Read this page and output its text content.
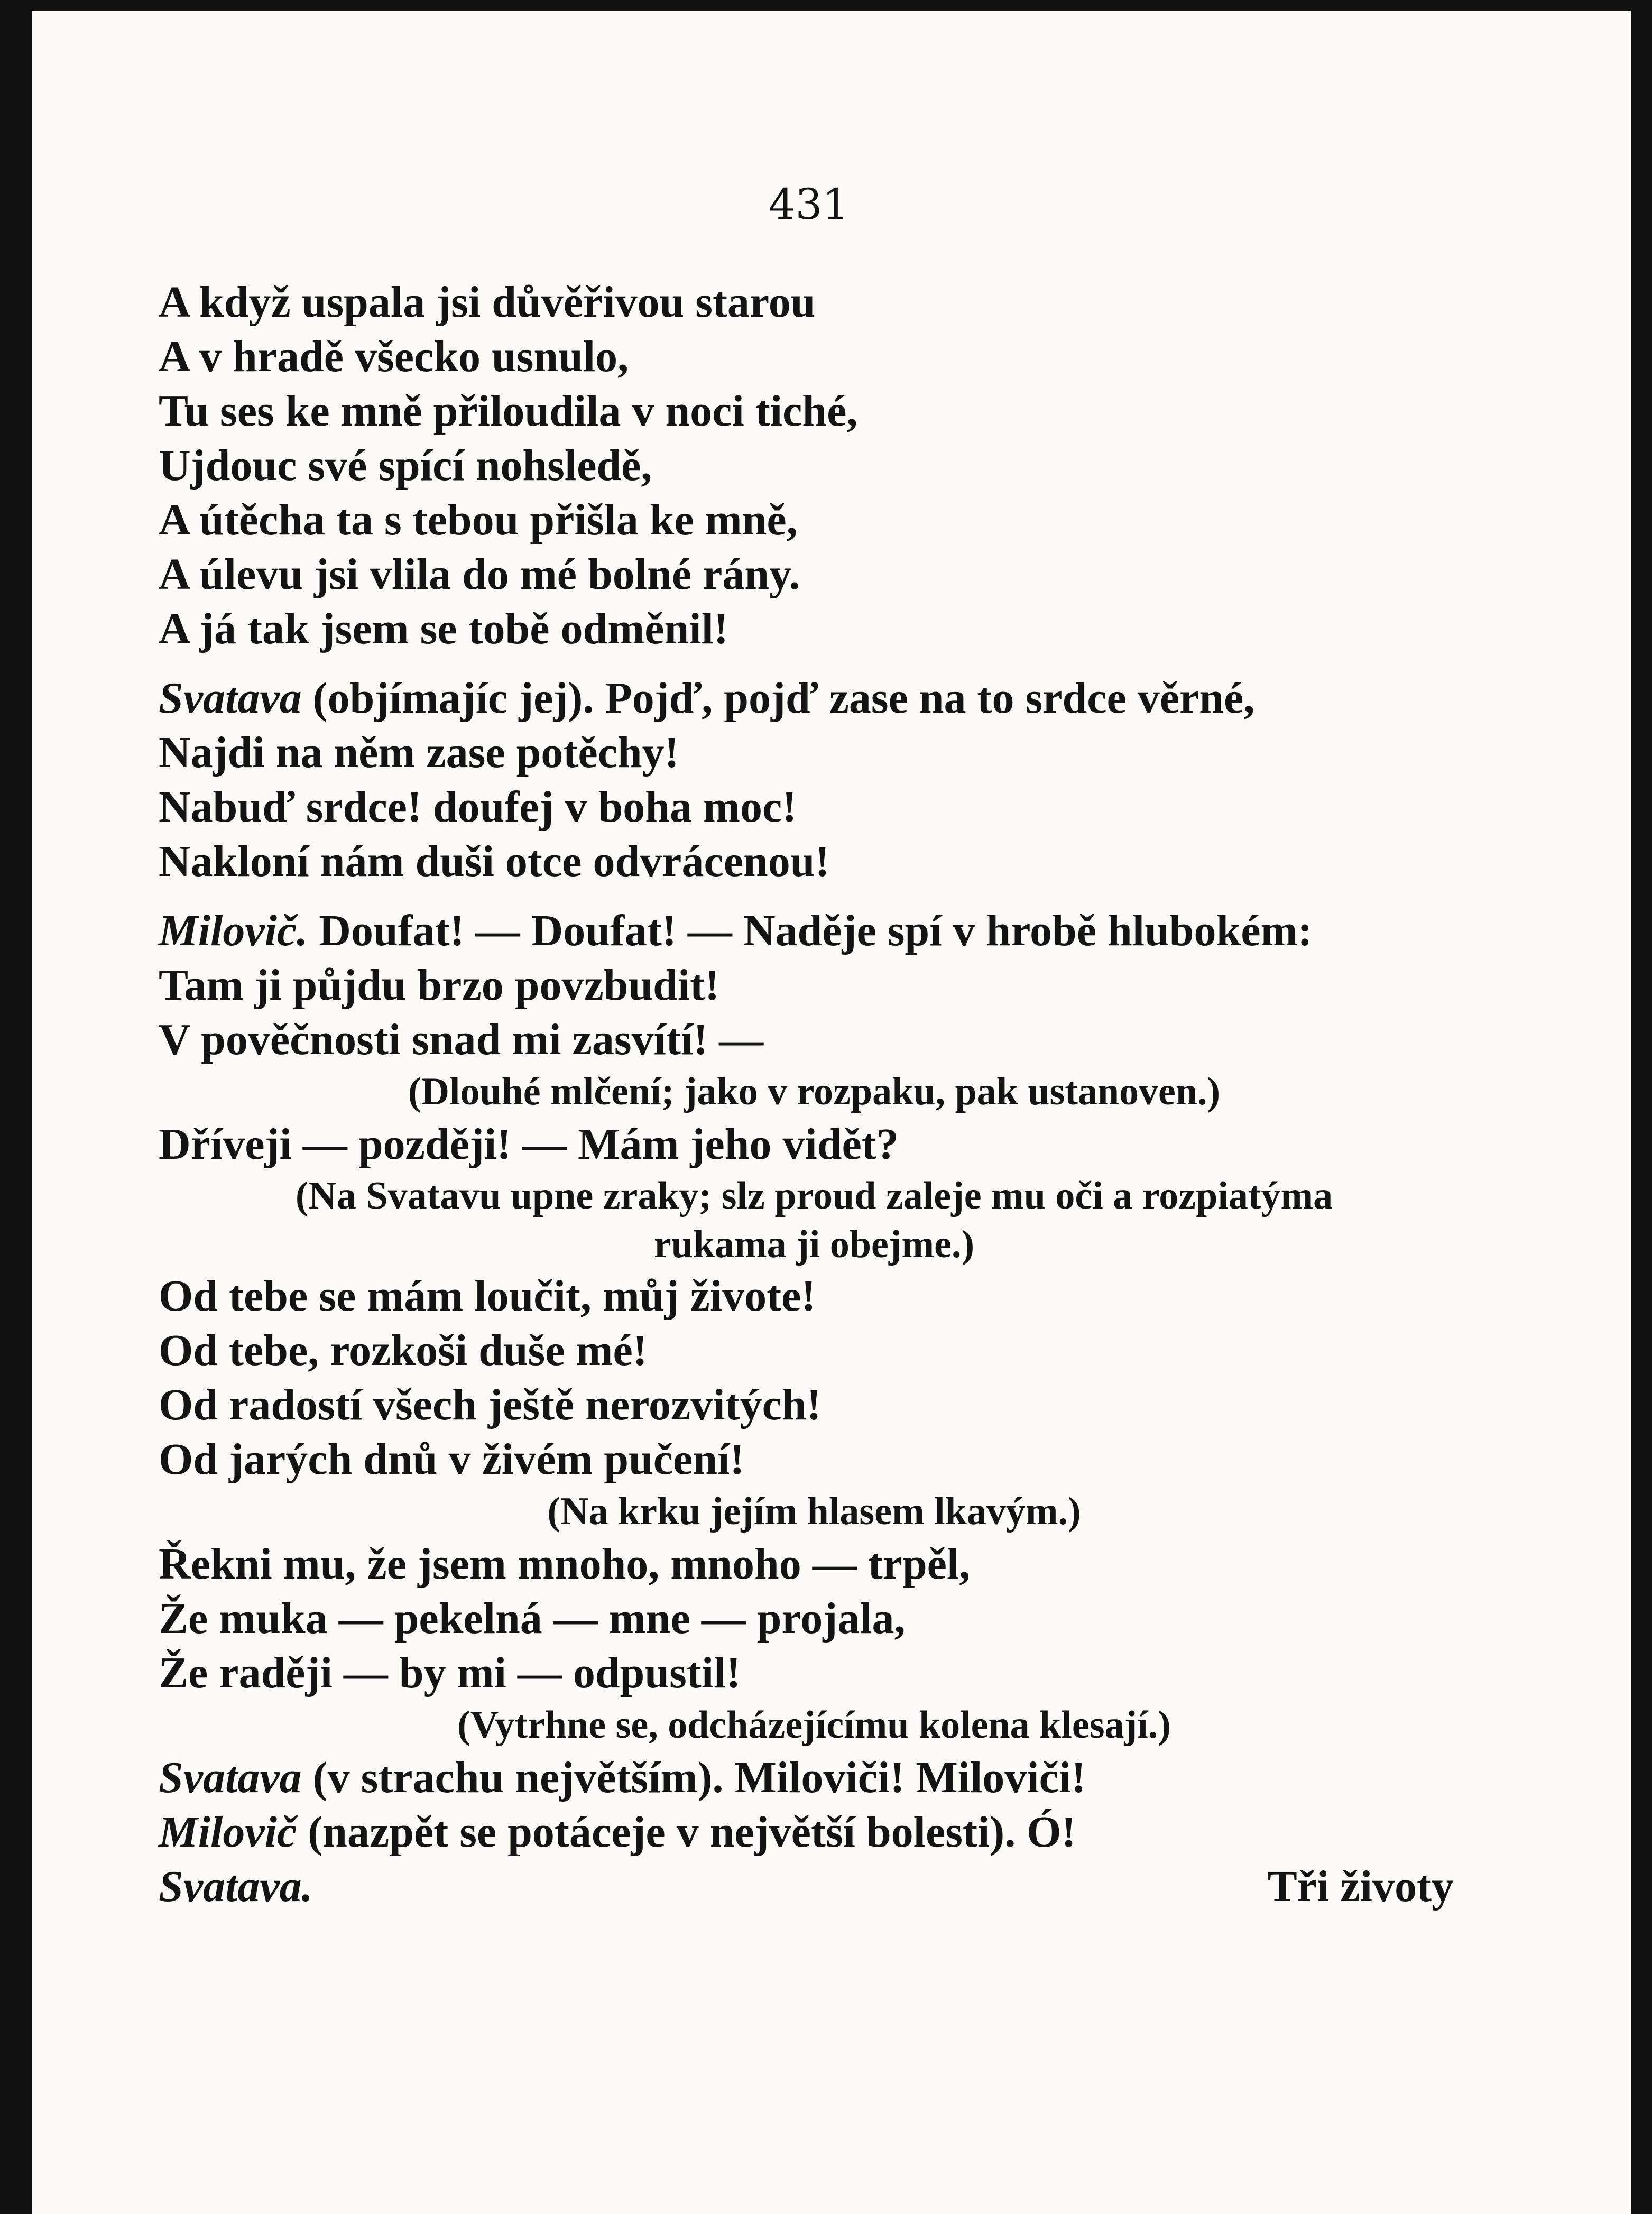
431
A když uspala jsi důvěřivou starou
A v hradě všecko usnulo,
Tu ses ke mně přiloudila v noci tiché,
Ujdouc své spící nohsledě,
A útěcha ta s tebou přišla ke mně,
A úlevu jsi vlila do mé bolné rány.
A já tak jsem se tobě odměnil!
Svatava (objímajíc jej). Pojď, pojď zase na to srdce věrné,
Najdi na něm zase potěchy!
Nabuď srdce! doufej v boha moc!
Nakloní nám duši otce odvrácenou!
Milovič. Doufat! — Doufat! — Naděje spí v hrobě hlubokém:
Tam ji půjdu brzo povzbudit!
V pověčnosti snad mi zasvítí! —
(Dlouhé mlčení; jako v rozpaku, pak ustanoven.)
Dříveji — později! — Mám jeho vidět?
(Na Svatavu upne zraky; slz proud zaleje mu oči a rozpiatýma
rukama ji obejme.)
Od tebe se mám loučit, můj živote!
Od tebe, rozkoši duše mé!
Od radostí všech ještě nerozvitých!
Od jarých dnů v živém pučení!
(Na krku jejím hlasem lkavým.)
Řekni mu, že jsem mnoho, mnoho — trpěl,
Že muka — pekelná — mne — projala,
Že raději — by mi — odpustil!
(Vytrhne se, odcházejícímu kolena klesají.)
Svatava (v strachu největším). Miloviči! Miloviči!
Milovič (nazpět se potáceje v největší bolesti). Ó!
Svatava.	Tři životy
